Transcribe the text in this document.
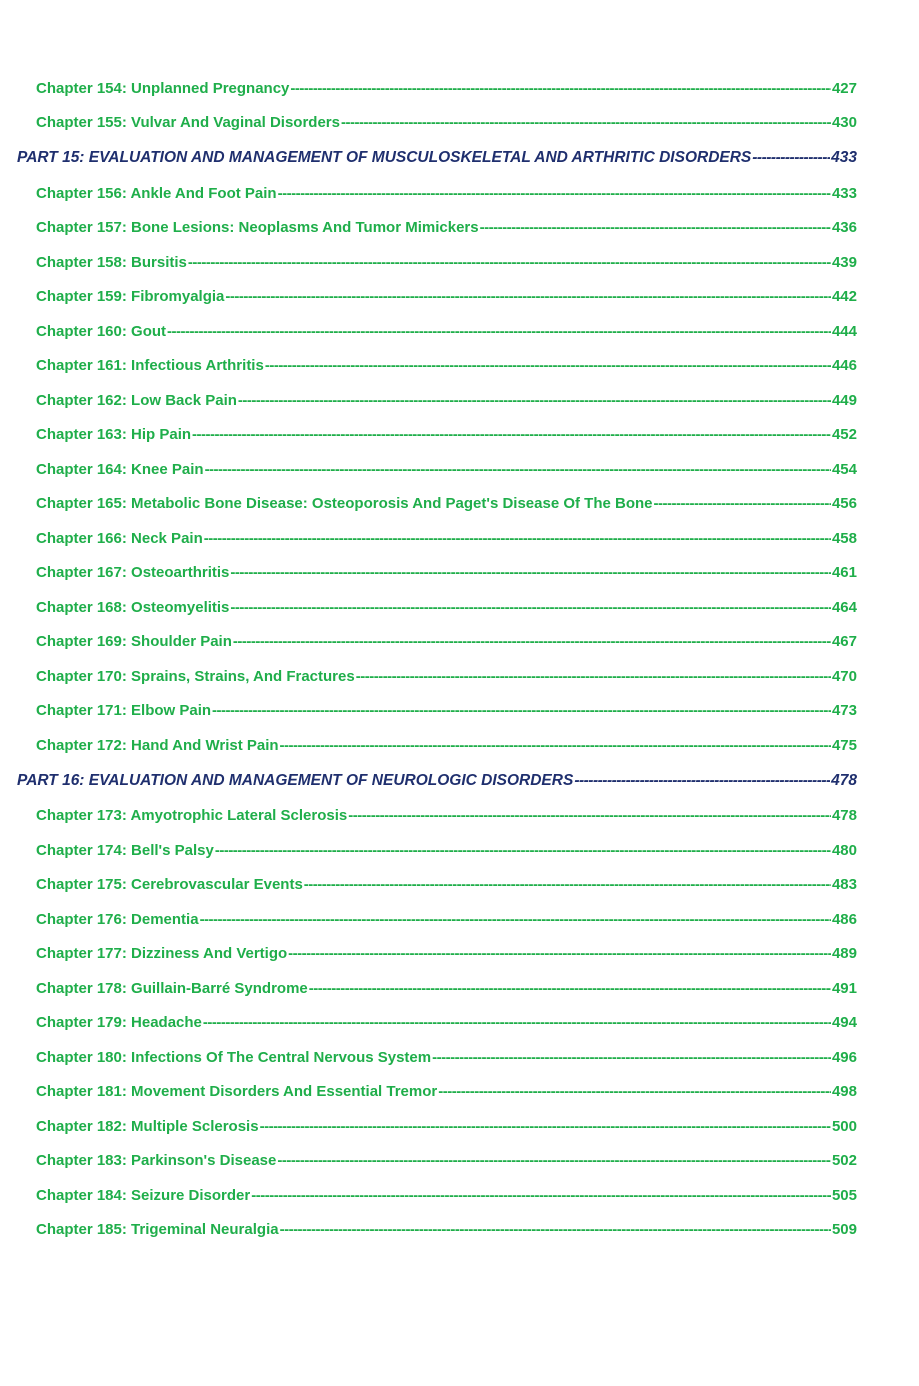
Chapter 154: Unplanned Pregnancy -----	427
Chapter 155: Vulvar And Vaginal Disorders -----	430
PART 15: EVALUATION AND MANAGEMENT OF MUSCULOSKELETAL AND ARTHRITIC DISORDERS -----	433
Chapter 156: Ankle And Foot Pain -----	433
Chapter 157: Bone Lesions: Neoplasms And Tumor Mimickers -----	436
Chapter 158: Bursitis -----	439
Chapter 159: Fibromyalgia -----	442
Chapter 160: Gout -----	444
Chapter 161: Infectious Arthritis -----	446
Chapter 162: Low Back Pain -----	449
Chapter 163: Hip Pain -----	452
Chapter 164: Knee Pain -----	454
Chapter 165: Metabolic Bone Disease: Osteoporosis And Paget's Disease Of The Bone -----	456
Chapter 166: Neck Pain -----	458
Chapter 167: Osteoarthritis -----	461
Chapter 168: Osteomyelitis -----	464
Chapter 169: Shoulder Pain -----	467
Chapter 170: Sprains, Strains, And Fractures -----	470
Chapter 171: Elbow Pain -----	473
Chapter 172: Hand And Wrist Pain -----	475
PART 16: EVALUATION AND MANAGEMENT OF NEUROLOGIC DISORDERS -----	478
Chapter 173: Amyotrophic Lateral Sclerosis -----	478
Chapter 174: Bell's Palsy -----	480
Chapter 175: Cerebrovascular Events -----	483
Chapter 176: Dementia -----	486
Chapter 177: Dizziness And Vertigo -----	489
Chapter 178: Guillain-Barré Syndrome -----	491
Chapter 179: Headache -----	494
Chapter 180: Infections Of The Central Nervous System -----	496
Chapter 181: Movement Disorders And Essential Tremor -----	498
Chapter 182: Multiple Sclerosis -----	500
Chapter 183: Parkinson's Disease -----	502
Chapter 184: Seizure Disorder -----	505
Chapter 185: Trigeminal Neuralgia -----	509
